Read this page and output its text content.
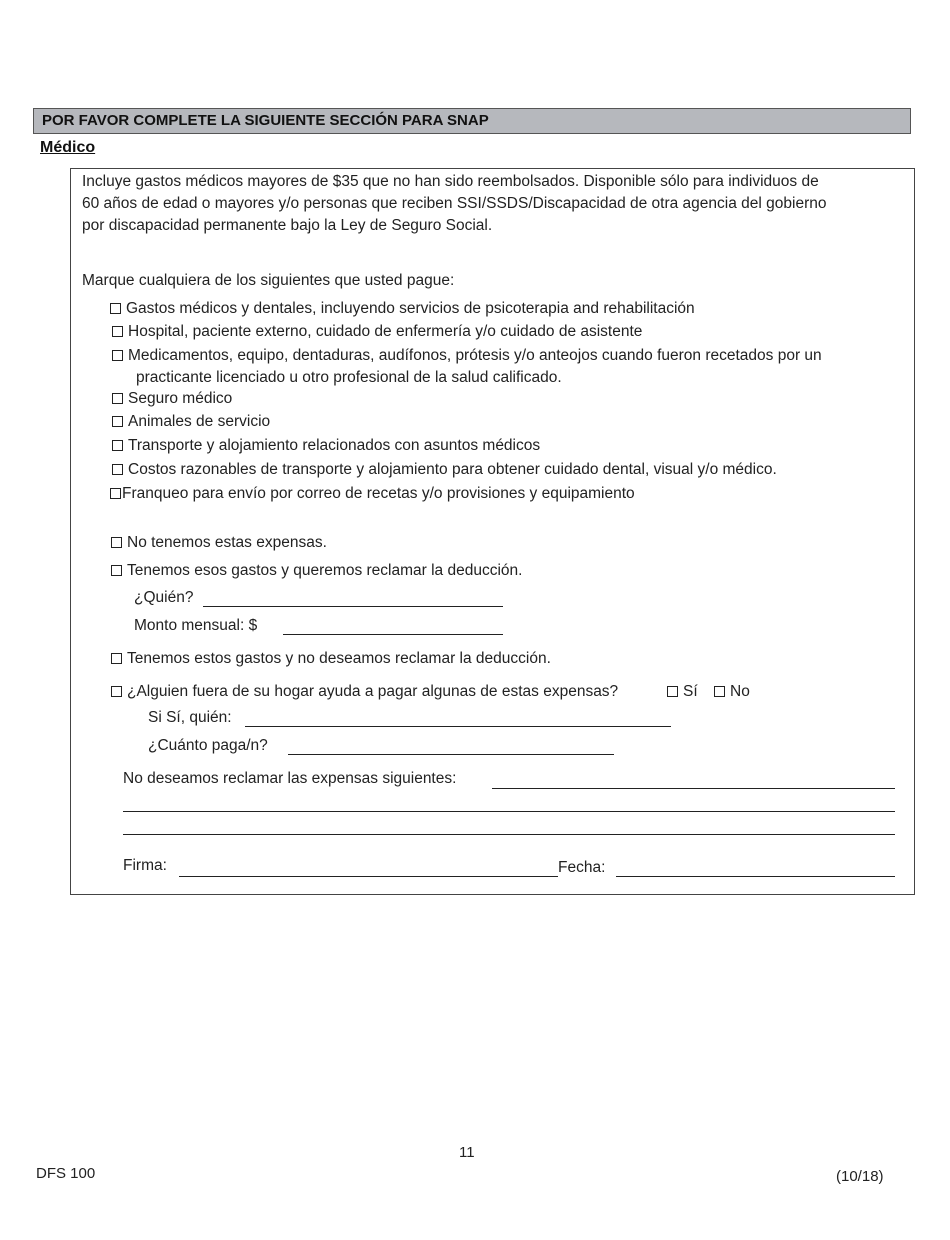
POR FAVOR COMPLETE LA SIGUIENTE SECCIÓN PARA SNAP
Médico
Incluye gastos médicos mayores de $35 que no han sido reembolsados. Disponible sólo para individuos de
60 años de edad o mayores y/o personas que reciben SSI/SSDS/Discapacidad de otra agencia del gobierno
por discapacidad permanente bajo la Ley de Seguro Social.
Marque cualquiera de los siguientes que usted pague:
Gastos médicos y dentales, incluyendo servicios de psicoterapia and rehabilitación
Hospital, paciente externo, cuidado de enfermería y/o cuidado de asistente
Medicamentos, equipo, dentaduras, audífonos, prótesis y/o anteojos cuando fueron recetados por un
practicante licenciado u otro profesional de la salud calificado.
Seguro médico
Animales de servicio
Transporte y alojamiento relacionados con asuntos médicos
Costos razonables de transporte y alojamiento para obtener cuidado dental, visual y/o médico.
Franqueo para envío por correo de recetas y/o provisiones y equipamiento
No tenemos estas expensas.
Tenemos esos gastos y queremos reclamar la deducción.
¿Quién?
Monto mensual: $
Tenemos estos gastos y no deseamos reclamar la deducción.
¿Alguien fuera de su hogar ayuda a pagar algunas de estas expensas?	Sí	No
Si Sí, quién:
¿Cuánto paga/n?
No deseamos reclamar las expensas siguientes:
Firma:	Fecha:
11
DFS 100	(10/18)
